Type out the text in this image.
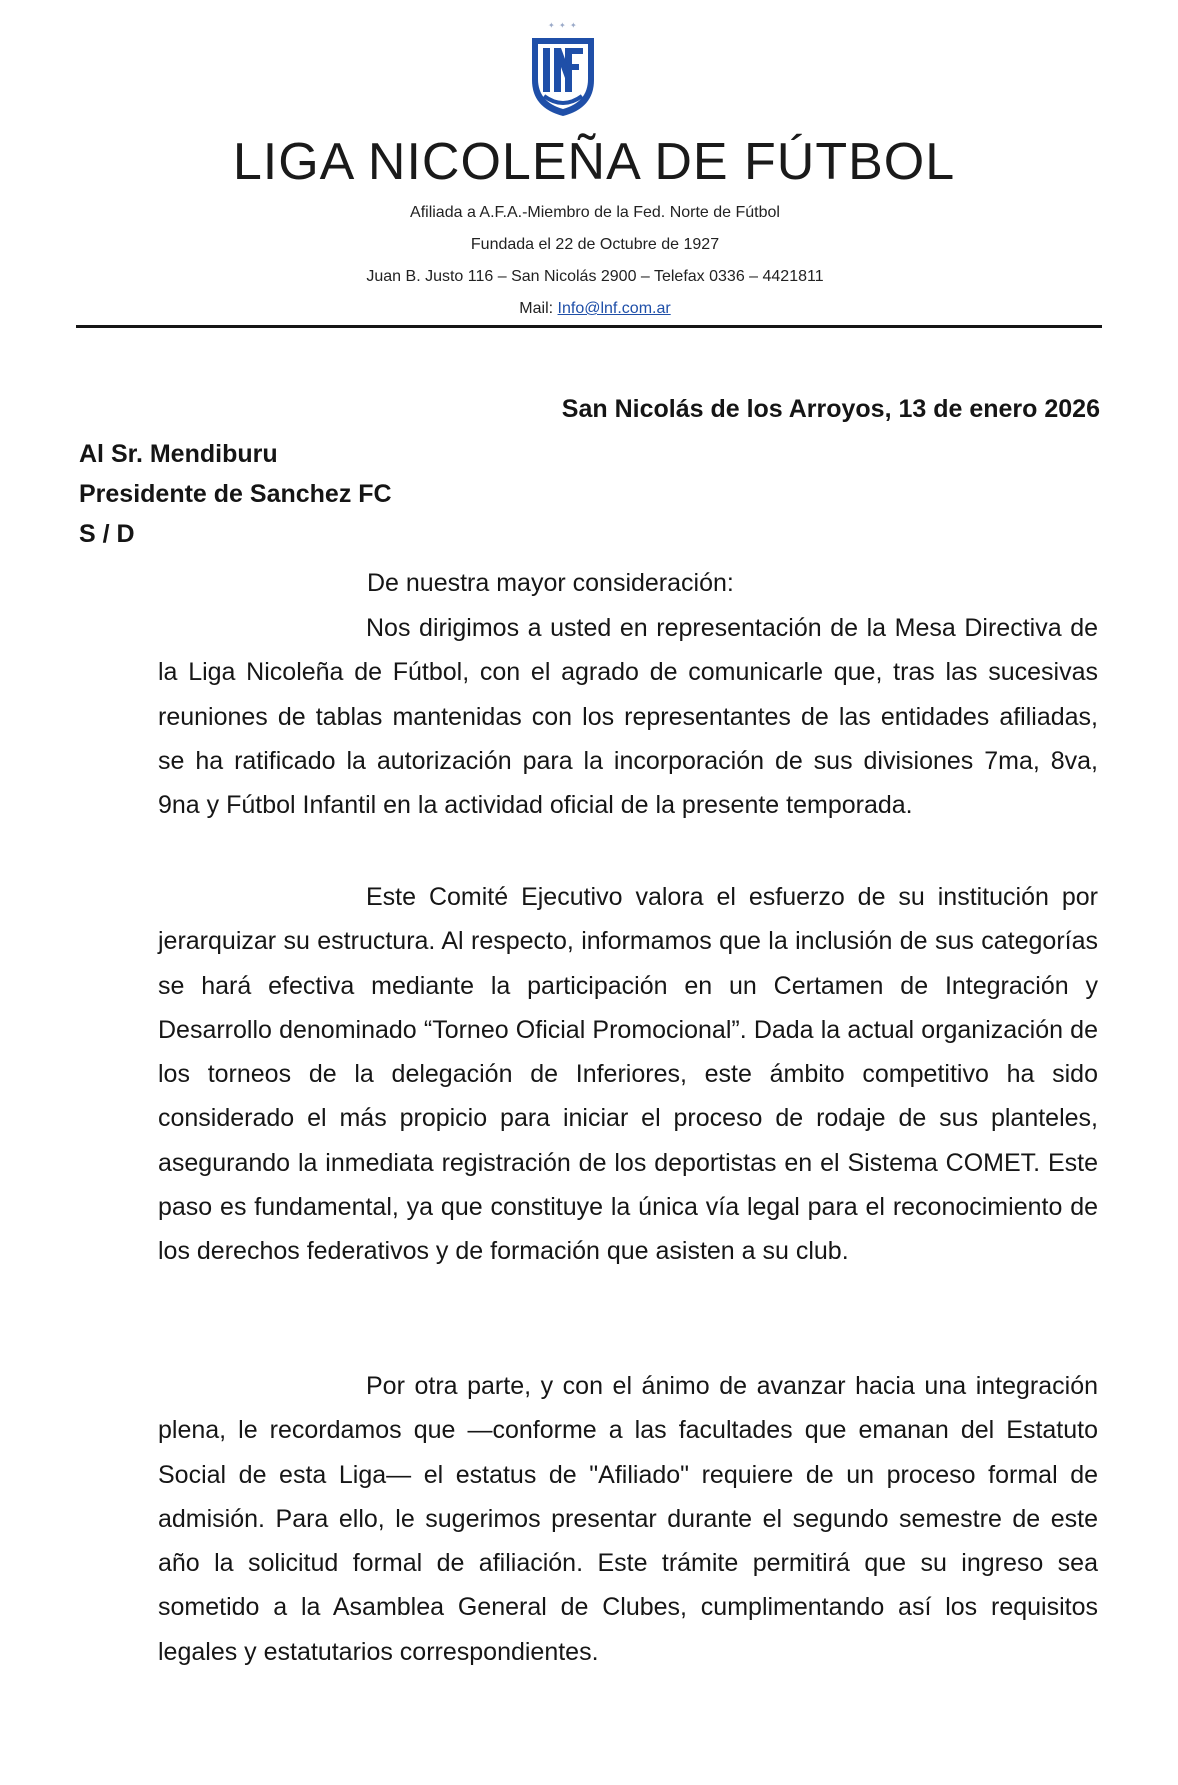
✦ ✦ ✦
LIGA NICOLEÑA DE FÚTBOL
Afiliada a A.F.A.-Miembro de la Fed. Norte de Fútbol
Fundada el 22 de Octubre de 1927
Juan B. Justo 116 – San Nicolás 2900 – Telefax 0336 – 4421811
Mail: Info@lnf.com.ar
San Nicolás de los Arroyos, 13 de enero 2026
Al Sr. Mendiburu
Presidente de Sanchez FC
S / D
De nuestra mayor consideración:

Nos dirigimos a usted en representación de la Mesa Directiva de la Liga Nicoleña de Fútbol, con el agrado de comunicarle que, tras las sucesivas reuniones de tablas mantenidas con los representantes de las entidades afiliadas, se ha ratificado la autorización para la incorporación de sus divisiones 7ma, 8va, 9na y Fútbol Infantil en la actividad oficial de la presente temporada.

Este Comité Ejecutivo valora el esfuerzo de su institución por jerarquizar su estructura. Al respecto, informamos que la inclusión de sus categorías se hará efectiva mediante la participación en un Certamen de Integración y Desarrollo denominado “Torneo Oficial Promocional”. Dada la actual organización de los torneos de la delegación de Inferiores, este ámbito competitivo ha sido considerado el más propicio para iniciar el proceso de rodaje de sus planteles, asegurando la inmediata registración de los deportistas en el Sistema COMET. Este paso es fundamental, ya que constituye la única vía legal para el reconocimiento de los derechos federativos y de formación que asisten a su club.

Por otra parte, y con el ánimo de avanzar hacia una integración plena, le recordamos que —conforme a las facultades que emanan del Estatuto Social de esta Liga— el estatus de "Afiliado" requiere de un proceso formal de admisión. Para ello, le sugerimos presentar durante el segundo semestre de este año la solicitud formal de afiliación. Este trámite permitirá que su ingreso sea sometido a la Asamblea General de Clubes, cumplimentando así los requisitos legales y estatutarios correspondientes.
